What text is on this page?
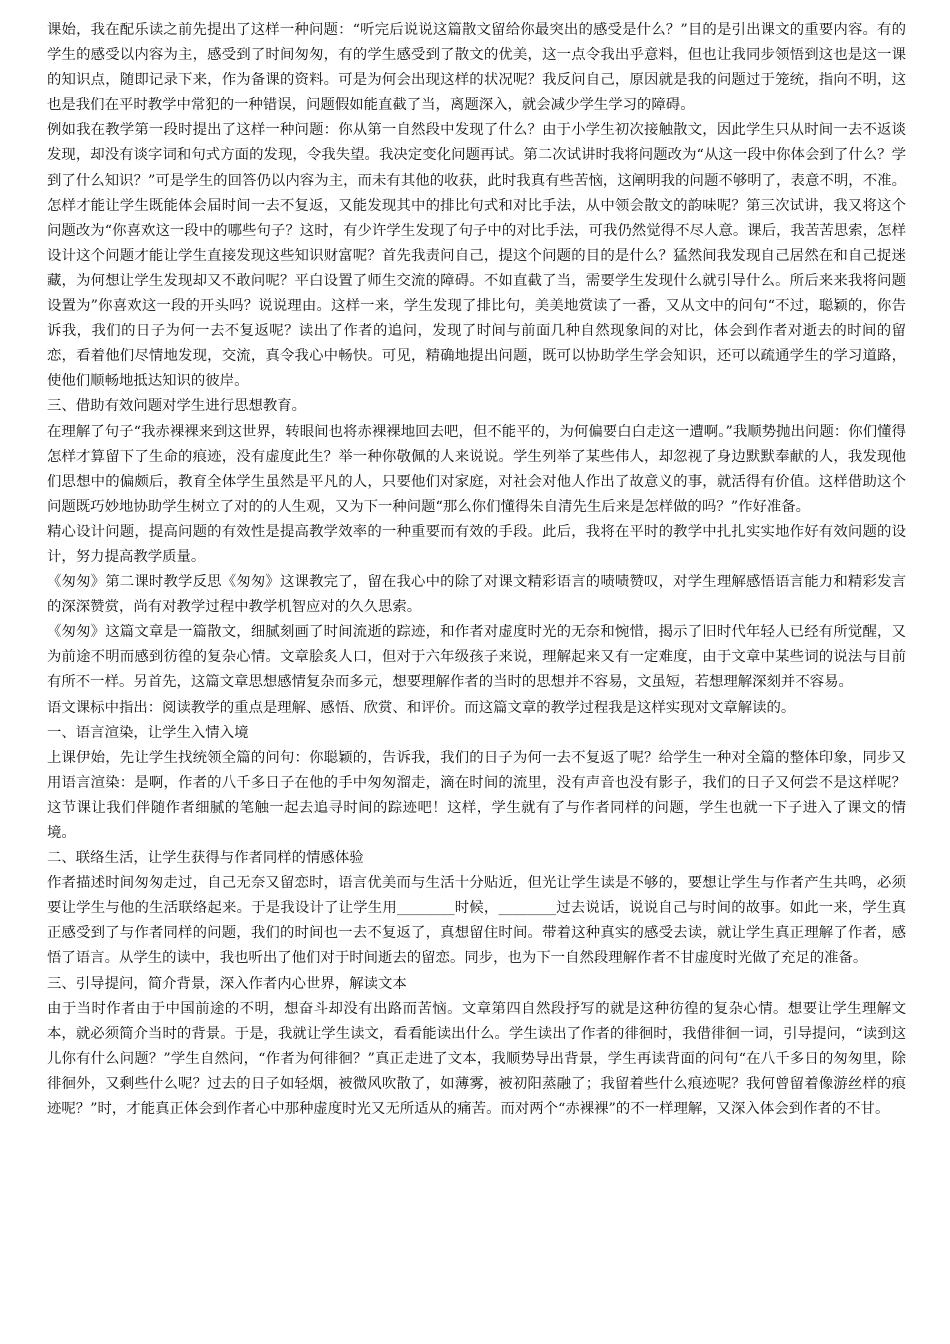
课始，我在配乐读之前先提出了这样一种问题：“听完后说说这篇散文留给你最突出的感受是什么？”目的是引出课文的重要内容。有的学生的感受以内容为主，感受到了时间匆匆，有的学生感受到了散文的优美，这一点令我出乎意料，但也让我同步领悟到这也是这一课的知识点，随即记录下来，作为备课的资料。可是为何会出现这样的状况呢？我反问自己，原因就是我的问题过于笼统，指向不明，这也是我们在平时教学中常犯的一种错误，问题假如能直截了当，离题深入，就会减少学生学习的障碍。

例如我在教学第一段时提出了这样一种问题：你从第一自然段中发现了什么？由于小学生初次接触散文，因此学生只从时间一去不返谈发现，却没有谈字词和句式方面的发现，令我失望。我决定变化问题再试。第二次试讲时我将问题改为“从这一段中你体会到了什么？学到了什么知识？”可是学生的回答仍以内容为主，而未有其他的收获，此时我真有些苦恼，这阐明我的问题不够明了，表意不明，不准。怎样才能让学生既能体会届时间一去不复返，又能发现其中的排比句式和对比手法，从中领会散文的韵味呢？第三次试讲，我又将这个问题改为“你喜欢这一段中的哪些句子？这时，有少许学生发现了句子中的对比手法，可我仍然觉得不尽人意。课后，我苦苦思索，怎样设计这个问题才能让学生直接发现这些知识财富呢？首先我责问自己，提这个问题的目的是什么？猛然间我发现自己居然在和自己捉迷藏，为何想让学生发现却又不敢问呢？平白设置了师生交流的障碍。不如直截了当，需要学生发现什么就引导什么。所后来来我将问题设置为”你喜欢这一段的开头吗？说说理由。这样一来，学生发现了排比句，美美地赏读了一番，又从文中的问句“不过，聪颖的，你告诉我，我们的日子为何一去不复返呢？读出了作者的追问，发现了时间与前面几种自然现象间的对比，体会到作者对逝去的时间的留恋，看着他们尽情地发现，交流，真令我心中畅快。可见，精确地提出问题，既可以协助学生学会知识，还可以疏通学生的学习道路，使他们顺畅地抵达知识的彼岸。

三、借助有效问题对学生进行思想教育。

在理解了句子“我赤裸裸来到这世界，转眼间也将赤裸裸地回去吧，但不能平的，为何偏要白白走这一遭啊。”我顺势抛出问题：你们懂得怎样才算留下了生命的痕迹，没有虚度此生？举一种你敬佩的人来说说。学生列举了某些伟人，却忽视了身边默默奉献的人，我发现他们思想中的偏颇后，教育全体学生虽然是平凡的人，只要他们对家庭，对社会对他人作出了故意义的事，就活得有价值。这样借助这个问题既巧妙地协助学生树立了对的的人生观，又为下一种问题“那么你们懂得朱自清先生后来是怎样做的吗？”作好准备。

精心设计问题，提高问题的有效性是提高教学效率的一种重要而有效的手段。此后，我将在平时的教学中扎扎实实地作好有效问题的设计，努力提高教学质量。

《匆匆》第二课时教学反思《匆匆》这课教完了，留在我心中的除了对课文精彩语言的啧啧赞叹，对学生理解感悟语言能力和精彩发言的深深赞赏，尚有对教学过程中教学机智应对的久久思索。

《匆匆》这篇文章是一篇散文，细腻刻画了时间流逝的踪迹，和作者对虚度时光的无奈和惋惜，揭示了旧时代年轻人已经有所觉醒，又为前途不明而感到彷徨的复杂心情。文章脍炙人口，但对于六年级孩子来说，理解起来又有一定难度，由于文章中某些词的说法与目前有所不一样。另首先，这篇文章思想感情复杂而多元，想要理解作者的当时的思想并不容易，文虽短，若想理解深刻并不容易。

语文课标中指出：阅读教学的重点是理解、感悟、欣赏、和评价。而这篇文章的教学过程我是这样实现对文章解读的。

一、语言渲染，让学生入情入境

上课伊始，先让学生找统领全篇的问句：你聪颖的，告诉我，我们的日子为何一去不复返了呢？给学生一种对全篇的整体印象，同步又用语言渲染：是啊，作者的八千多日子在他的手中匆匆溜走，滴在时间的流里，没有声音也没有影子，我们的日子又何尝不是这样呢？这节课让我们伴随作者细腻的笔触一起去追寻时间的踪迹吧！这样，学生就有了与作者同样的问题，学生也就一下子进入了课文的情境。

二、联络生活，让学生获得与作者同样的情感体验

作者描述时间匆匆走过，自己无奈又留恋时，语言优美而与生活十分贴近，但光让学生读是不够的，要想让学生与作者产生共鸣，必须要让学生与他的生活联络起来。于是我设计了让学生用________时候，________过去说话，说说自己与时间的故事。如此一来，学生真正感受到了与作者同样的问题，我们的时间也一去不复返了，真想留住时间。带着这种真实的感受去读，就让学生真正理解了作者，感悟了语言。从学生的读中，我也听出了他们对于时间逝去的留恋。同步，也为下一自然段理解作者不甘虚度时光做了充足的准备。

三、引导提问，简介背景，深入作者内心世界，解读文本

由于当时作者由于中国前途的不明，想奋斗却没有出路而苦恼。文章第四自然段抒写的就是这种彷徨的复杂心情。想要让学生理解文本，就必须简介当时的背景。于是，我就让学生读文，看看能读出什么。学生读出了作者的徘徊时，我借徘徊一词，引导提问，“读到这儿你有什么问题？”学生自然问，“作者为何徘徊？”真正走进了文本，我顺势导出背景，学生再读背面的问句“在八千多日的匆匆里，除徘徊外，又剩些什么呢？过去的日子如轻烟，被微风吹散了，如薄雾，被初阳蒸融了；我留着些什么痕迹呢？我何曾留着像游丝样的痕迹呢？”时，才能真正体会到作者心中那种虚度时光又无所适从的痛苦。而对两个“赤裸裸”的不一样理解，又深入体会到作者的不甘。
